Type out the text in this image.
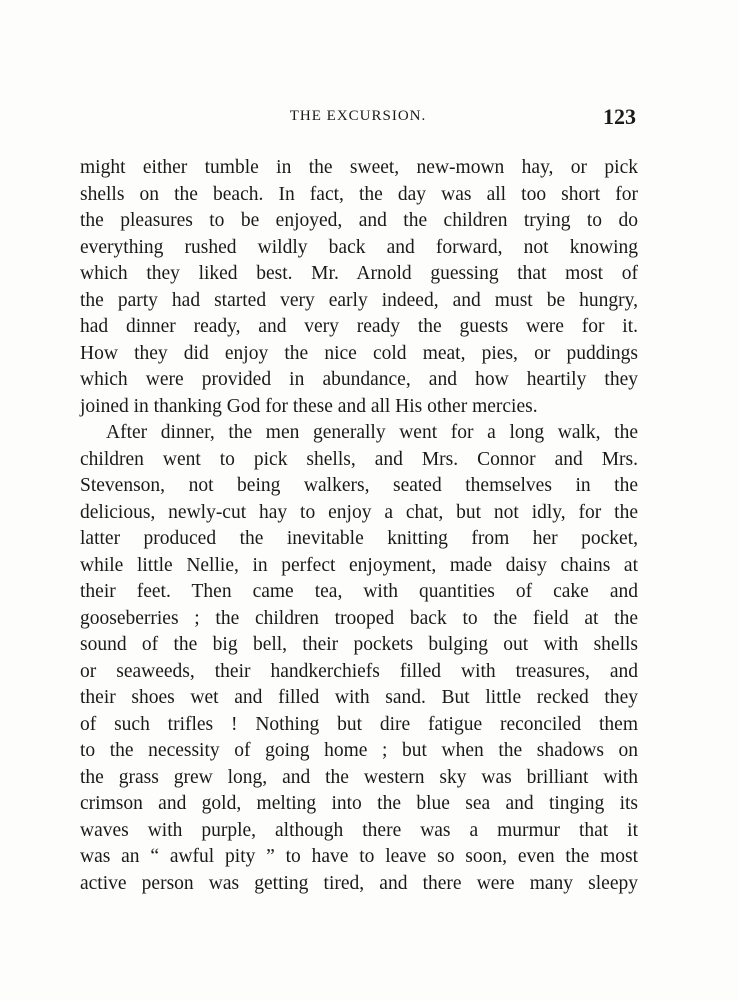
THE EXCURSION.	123
might either tumble in the sweet, new-mown hay, or pick
shells on the beach. In fact, the day was all too short for
the pleasures to be enjoyed, and the children trying to do
everything rushed wildly back and forward, not knowing
which they liked best. Mr. Arnold guessing that most of
the party had started very early indeed, and must be hungry,
had dinner ready, and very ready the guests were for it.
How they did enjoy the nice cold meat, pies, or puddings
which were provided in abundance, and how heartily they
joined in thanking God for these and all His other mercies.
After dinner, the men generally went for a long walk, the
children went to pick shells, and Mrs. Connor and Mrs.
Stevenson, not being walkers, seated themselves in the
delicious, newly-cut hay to enjoy a chat, but not idly, for the
latter produced the inevitable knitting from her pocket,
while little Nellie, in perfect enjoyment, made daisy chains at
their feet. Then came tea, with quantities of cake and
gooseberries ; the children trooped back to the field at the
sound of the big bell, their pockets bulging out with shells
or seaweeds, their handkerchiefs filled with treasures, and
their shoes wet and filled with sand. But little recked they
of such trifles ! Nothing but dire fatigue reconciled them
to the necessity of going home ; but when the shadows on
the grass grew long, and the western sky was brilliant with
crimson and gold, melting into the blue sea and tinging its
waves with purple, although there was a murmur that it
was an “ awful pity ” to have to leave so soon, even the most
active person was getting tired, and there were many sleepy
